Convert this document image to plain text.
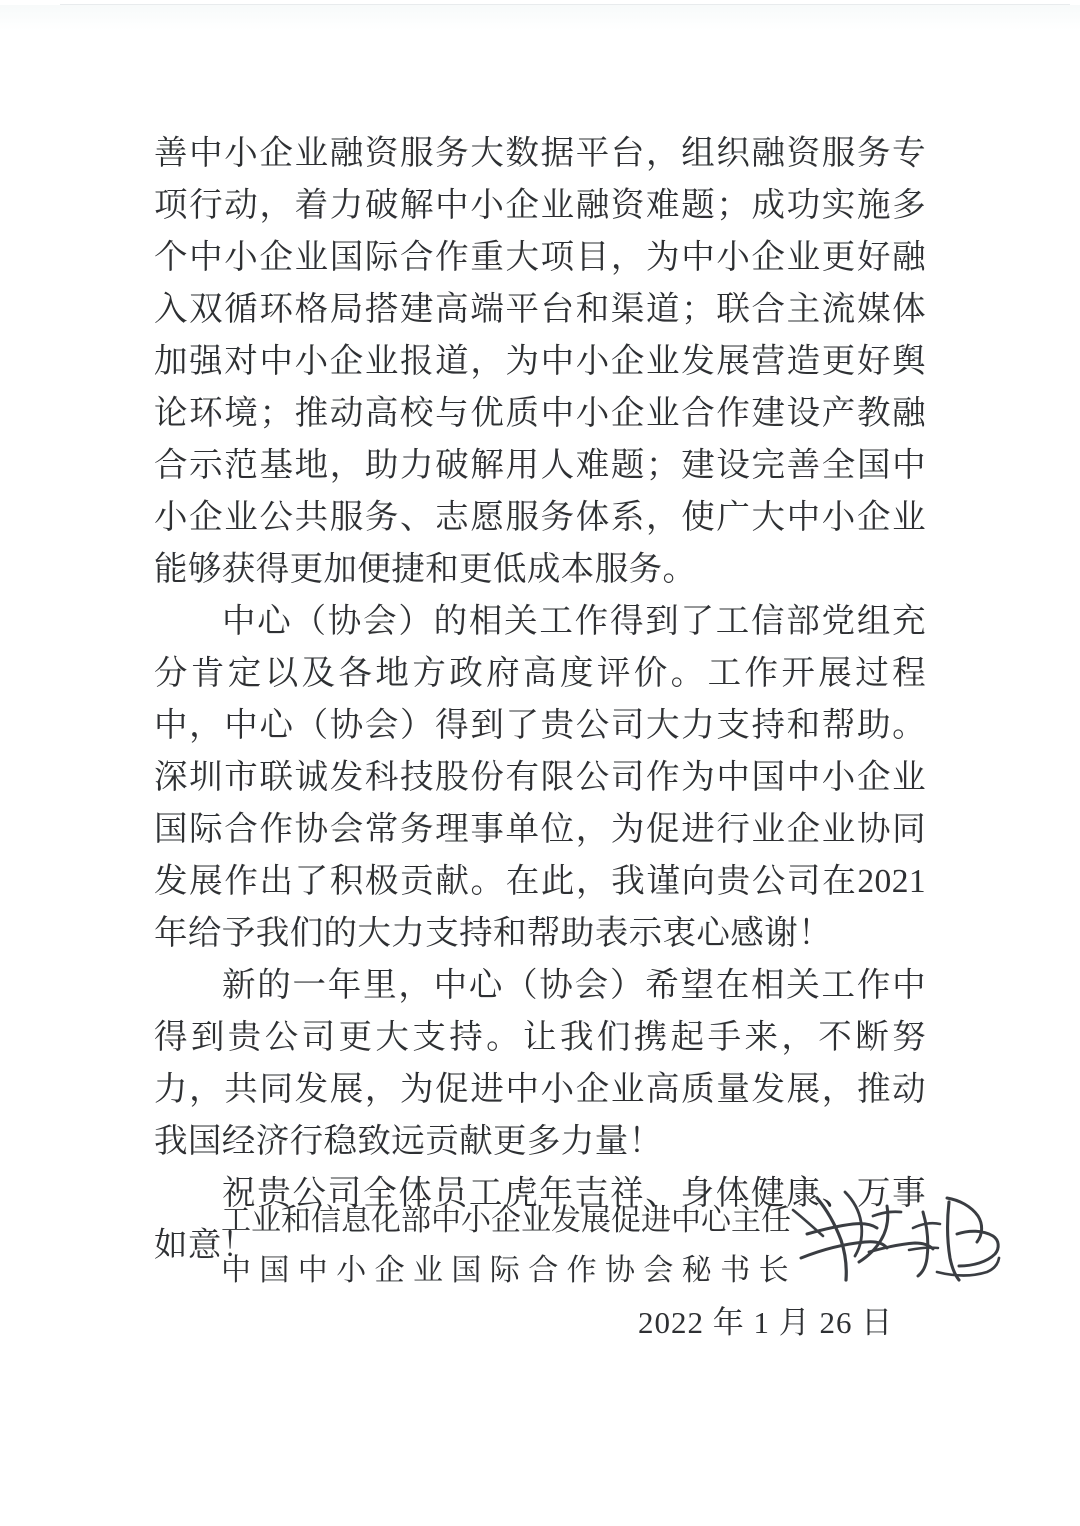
善中小企业融资服务大数据平台，组织融资服务专项行动，着力破解中小企业融资难题；成功实施多个中小企业国际合作重大项目，为中小企业更好融入双循环格局搭建高端平台和渠道；联合主流媒体加强对中小企业报道，为中小企业发展营造更好舆论环境；推动高校与优质中小企业合作建设产教融合示范基地，助力破解用人难题；建设完善全国中小企业公共服务、志愿服务体系，使广大中小企业能够获得更加便捷和更低成本服务。

中心（协会）的相关工作得到了工信部党组充分肯定以及各地方政府高度评价。工作开展过程中，中心（协会）得到了贵公司大力支持和帮助。深圳市联诚发科技股份有限公司作为中国中小企业国际合作协会常务理事单位，为促进行业企业协同发展作出了积极贡献。在此，我谨向贵公司在2021年给予我们的大力支持和帮助表示衷心感谢！

新的一年里，中心（协会）希望在相关工作中得到贵公司更大支持。让我们携起手来，不断努力，共同发展，为促进中小企业高质量发展，推动我国经济行稳致远贡献更多力量！

祝贵公司全体员工虎年吉祥、身体健康、万事如意！

工业和信息化部中小企业发展促进中心主任
中国中小企业国际合作协会秘书长
2022 年 1 月 26 日
